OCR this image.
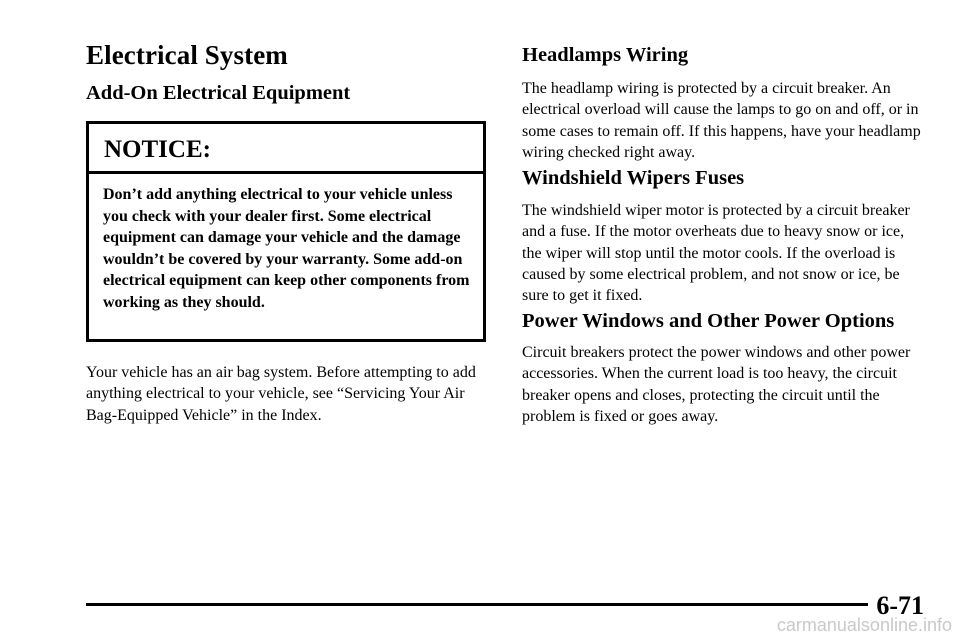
Electrical System
Add-On Electrical Equipment
NOTICE:
Don’t add anything electrical to your vehicle unless you check with your dealer first. Some electrical equipment can damage your vehicle and the damage wouldn’t be covered by your warranty. Some add-on electrical equipment can keep other components from working as they should.

Your vehicle has an air bag system. Before attempting to add anything electrical to your vehicle, see “Servicing Your Air Bag-Equipped Vehicle” in the Index.

Headlamps Wiring

The headlamp wiring is protected by a circuit breaker. An electrical overload will cause the lamps to go on and off, or in some cases to remain off. If this happens, have your headlamp wiring checked right away.

Windshield Wipers Fuses

The windshield wiper motor is protected by a circuit breaker and a fuse. If the motor overheats due to heavy snow or ice, the wiper will stop until the motor cools. If the overload is caused by some electrical problem, and not snow or ice, be sure to get it fixed.

Power Windows and Other Power Options

Circuit breakers protect the power windows and other power accessories. When the current load is too heavy, the circuit breaker opens and closes, protecting the circuit until the problem is fixed or goes away.

6-71
carmanualsonline.info
